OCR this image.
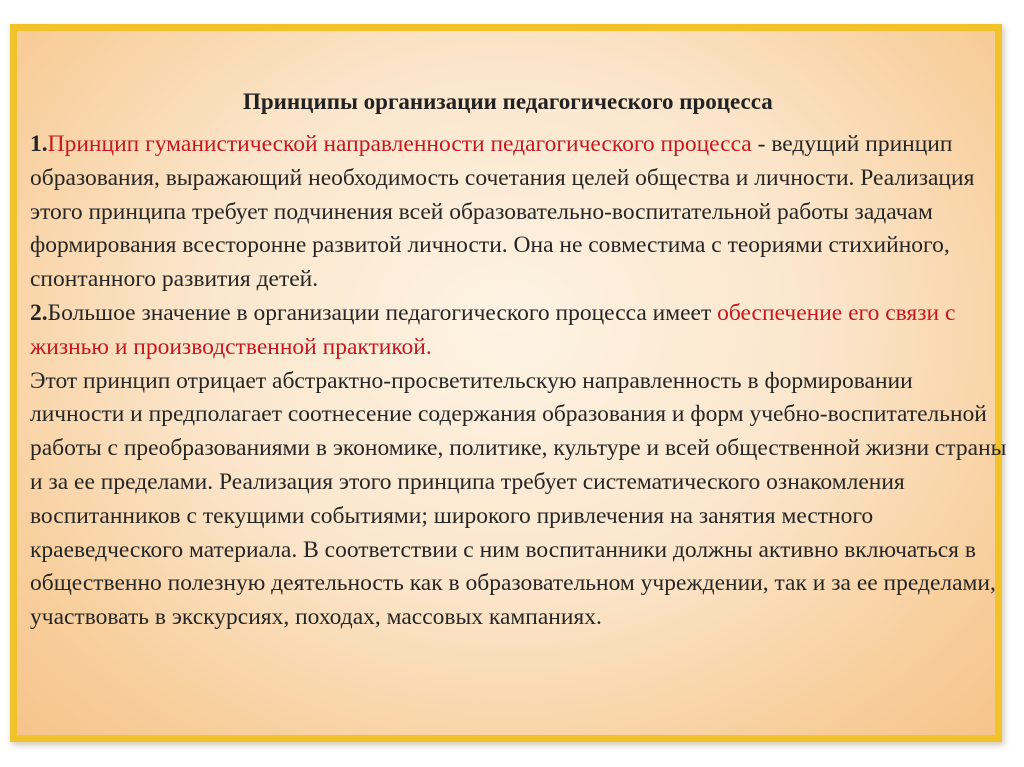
Принципы организации педагогического процесса

1.Принцип гуманистической направленности педагогического процесса - ведущий принцип образования, выражающий необходимость сочетания целей общества и личности. Реализация этого принципа требует подчинения всей образовательно-воспитательной работы задачам формирования всесторонне развитой личности. Она не совместима с теориями стихийного, спонтанного развития детей.

2.Большое значение в организации педагогического процесса имеет обеспечение его связи с жизнью и производственной практикой.

Этот принцип отрицает абстрактно-просветительскую направленность в формировании личности и предполагает соотнесение содержания образования и форм учебно-воспитательной работы с преобразованиями в экономике, политике, культуре и всей общественной жизни страны и за ее пределами. Реализация этого принципа требует систематического ознакомления воспитанников с текущими событиями; широкого привлечения на занятия местного краеведческого материала. В соответствии с ним воспитанники должны активно включаться в общественно полезную деятельность как в образовательном учреждении, так и за ее пределами, участвовать в экскурсиях, походах, массовых кампаниях.
